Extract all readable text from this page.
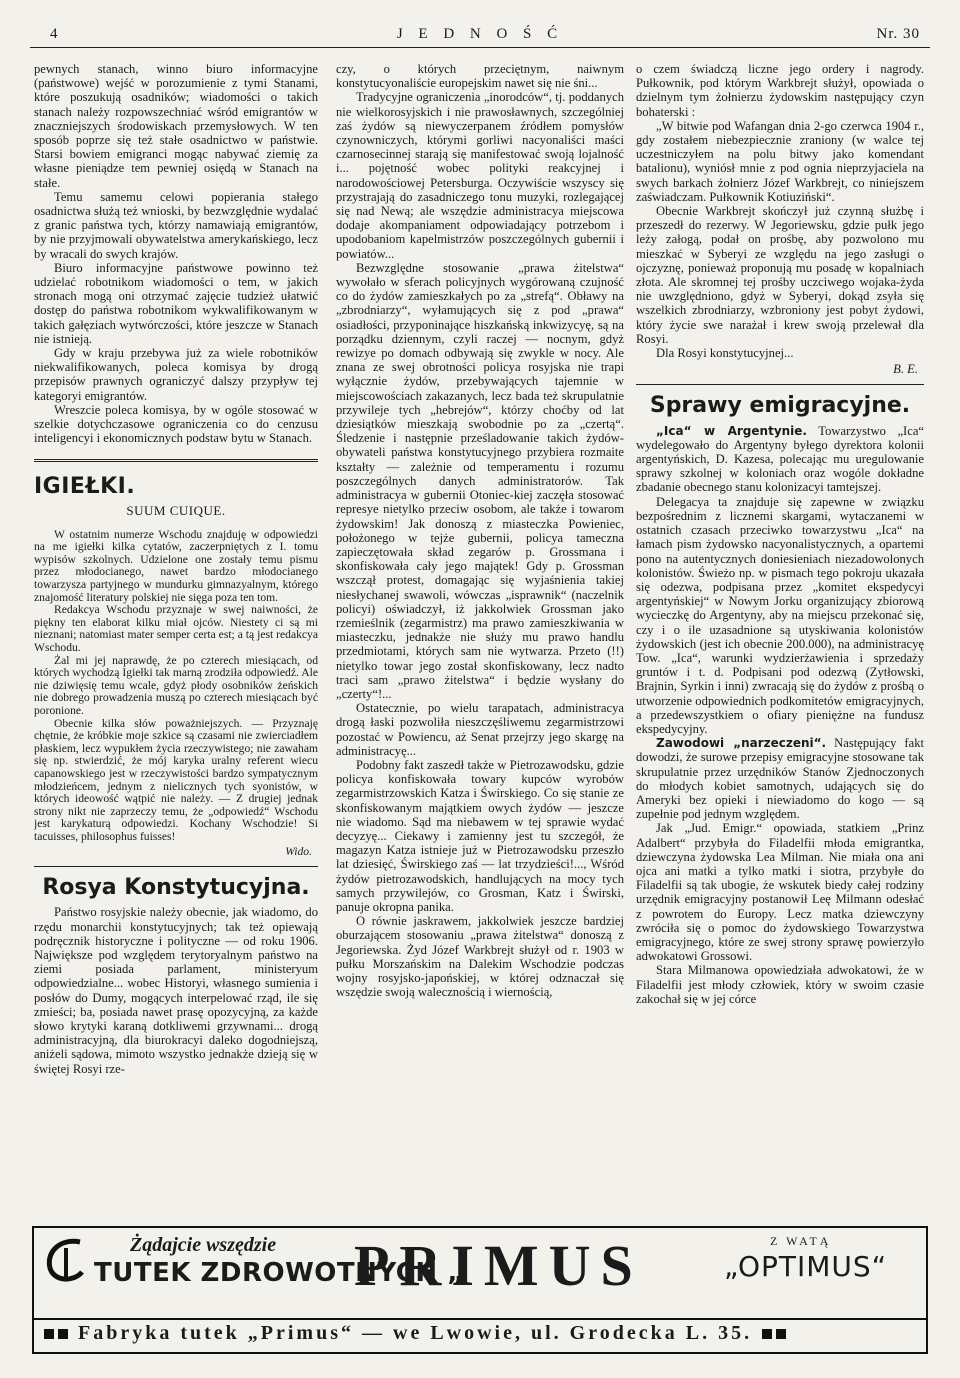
4	J E D N O Ś Ć	Nr. 30

pewnych stanach, winno biuro informacyjne (państwowe) wejść w porozumienie z tymi Stanami, które poszukują osadników; wiadomości o takich stanach należy rozpowszechniać wśród emigrantów w znaczniejszych środowiskach przemysłowych. W ten sposób poprze się też stałe osadnictwo w państwie. Starsi bowiem emigranci mogąc nabywać ziemię za własne pieniądze tem pewniej osiędą w Stanach na stałe.

Temu samemu celowi popierania stałego osadnictwa służą też wnioski, by bezwzględnie wydalać z granic państwa tych, którzy namawiają emigrantów, by nie przyjmowali obywatelstwa amerykańskiego, lecz by wracali do swych krajów.

Biuro informacyjne państwowe powinno też udzielać robotnikom wiadomości o tem, w jakich stronach mogą oni otrzymać zajęcie tudzież ułatwić dostęp do państwa robotnikom wykwalifikowanym w takich gałęziach wytwórczości, które jeszcze w Stanach nie istnieją.

Gdy w kraju przebywa już za wiele robotników niekwalifikowanych, poleca komisya by drogą przepisów prawnych ograniczyć dalszy przypływ tej kategoryi emigrantów.

Wreszcie poleca komisya, by w ogóle stosować w szelkie dotychczasowe ograniczenia co do cenzusu inteligencyi i ekonomicznych podstaw bytu w Stanach.

IGIEŁKI.
SUUM CUIQUE.

W ostatnim numerze Wschodu znajduję w odpowiedzi na me igiełki kilka cytatów, zaczerpniętych z I. tomu wypisów szkolnych. Udzielone one zostały temu pismu przez młodocianego, nawet bardzo młodocianego towarzysza partyjnego w mundurku gimnazyalnym, którego znajomość literatury polskiej nie sięga poza ten tom.

Redakcya Wschodu przyznaje w swej naiwności, że piękny ten elaborat kilku miał ojców. Niestety ci są mi nieznani; natomiast mater semper certa est; a tą jest redakcya Wschodu.

Żal mi jej naprawdę, że po czterech miesiącach, od których wychodzą Igiełki tak marną zrodziła odpowiedź. Ale nie dziwięsię temu wcale, gdyż płody osobników żeńskich nie dobrego prowadzenia muszą po czterech miesiącach być poronione.

Obecnie kilka słów poważniejszych. — Przyznaję chętnie, że króbkie moje szkice są czasami nie zwierciadłem płaskiem, lecz wypukłem życia rzeczywistego; nie zawaham się np. stwierdzić, że mój karyka uralny referent wiecu capanowskiego jest w rzeczywistości bardzo sympatycznym młodzieńcem, jednym z nielicznych tych syonistów, w których ideowość wątpić nie należy. — Z drugiej jednak strony nikt nie zaprzeczy temu, że „odpowiedź“ Wschodu jest karykaturą odpowiedzi. Kochany Wschodzie! Si tacuisses, philosophus fuisses!

Wido.
Rosya Konstytucyjna.

Państwo rosyjskie należy obecnie, jak wiadomo, do rzędu monarchii konstytucyjnych; tak też opiewają podręcznik historyczne i polityczne — od roku 1906. Największe pod względem terytoryalnym państwo na ziemi posiada parlament, ministeryum odpowiedzialne... wobec Historyi, własnego sumienia i posłów do Dumy, mogących interpelować rząd, ile się zmieści; ba, posiada nawet prasę opozycyjną, za każde słowo krytyki karaną dotkliwemi grzywnami... drogą administracyjną, dla biurokracyi daleko dogodniejszą, aniżeli sądowa, mimoto wszystko jednakże dzieją się w świętej Rosyi rze-

czy, o których przeciętnym, naiwnym konstytucyonaliście europejskim nawet się nie śni...

Tradycyjne ograniczenia „inorodców“, tj. poddanych nie wielkorosyjskich i nie prawosławnych, szczególniej zaś żydów są niewyczerpanem źródłem pomysłów czynowniczych, którymi gorliwi nacyonaliści maści czarnosecinnej starają się manifestować swoją lojalność i... pojętność wobec polityki reakcyjnej i narodowościowej Petersburga. Oczywiście wszyscy się przystrajają do zasadniczego tonu muzyki, rozlegającej się nad Newą; ale wszędzie administracya miejscowa dodaje akompaniament odpowiadający potrzebom i upodobaniom kapelmistrzów poszczególnych gubernii i powiatów...

Bezwzględne stosowanie „prawa żitelstwa“ wywołało w sferach policyjnych wygórowaną czujność co do żydów zamieszkałych po za „strefą“. Obławy na „zbrodniarzy“, wyłamujących się z pod „prawa“ osiadłości, przyponinające hiszkańską inkwizycyę, są na porządku dziennym, czyli raczej — nocnym, gdyż rewizye po domach odbywają się zwykle w nocy. Ale znana ze swej obrotności policya rosyjska nie trapi wyłącznie żydów, przebywających tajemnie w miejscowościach zakazanych, lecz bada też skrupulatnie przywileje tych „hebrejów“, którzy choćby od lat dziesiątków mieszkają swobodnie po za „czertą“. Śledzenie i następnie prześladowanie takich żydów-obywateli państwa konstytucyjnego przybiera rozmaite kształty — zależnie od temperamentu i rozumu poszczególnych danych administratorów. Tak administracya w gubernii Otoniec-kiej zaczęła stosować represye nietylko przeciw osobom, ale także i towarom żydowskim! Jak donoszą z miasteczka Powieniec, położonego w tejże gubernii, policya tameczna zapieczętowała skład zegarów p. Grossmana i skonfiskowała cały jego majątek! Gdy p. Grossman wszczął protest, domagając się wyjaśnienia takiej niesłychanej swawoli, wówczas „isprawnik“ (naczelnik policyi) oświadczył, iż jakkolwiek Grossman jako rzemieślnik (zegarmistrz) ma prawo zamieszkiwania w miasteczku, jednakże nie służy mu prawo handlu przedmiotami, których sam nie wytwarza. Przeto (!!) nietylko towar jego został skonfiskowany, lecz nadto traci sam „prawo żitelstwa“ i będzie wysłany do „czerty“!...

Ostatecznie, po wielu tarapatach, administracya drogą łaski pozwoliła nieszczęśliwemu zegarmistrzowi pozostać w Powiencu, aż Senat przejrzy jego skargę na administracyę...

Podobny fakt zaszedł także w Pietrozawodsku, gdzie policya konfiskowała towary kupców wyrobów zegarmistrzowskich Katza i Świrskiego. Co się stanie ze skonfiskowanym majątkiem owych żydów — jeszcze nie wiadomo. Sąd ma niebawem w tej sprawie wydać decyzyę... Ciekawy i zamienny jest tu szczegół, że magazyn Katza istnieje już w Pietrozawodsku przeszło lat dziesięć, Świrskiego zaś — lat trzydzieści!..., Wśród żydów pietrozawodskich, handlujących na mocy tych samych przywilejów, co Grosman, Katz i Świrski, panuje okropna panika.

O równie jaskrawem, jakkolwiek jeszcze bardziej oburzającem stosowaniu „prawa żitelstwa“ donoszą z Jegoriewska. Żyd Józef Warkbrejt służył od r. 1903 w pułku Morszańskim na Dalekim Wschodzie podczas wojny rosyjsko-japońskiej, w której odznaczał się wszędzie swoją walecznością i wiernością,

o czem świadczą liczne jego ordery i nagrody. Pułkownik, pod którym Warkbrejt służył, opowiada o dzielnym tym żołnierzu żydowskim następujący czyn bohaterski :

„W bitwie pod Wafangan dnia 2-go czerwca 1904 r., gdy zostałem niebezpiecznie zraniony (w walce tej uczestniczyłem na polu bitwy jako komendant batalionu), wyniósł mnie z pod ognia nieprzyjaciela na swych barkach żołnierz Józef Warkbrejt, co niniejszem zaświadczam. Pułkownik Kotiuziński“.

Obecnie Warkbrejt skończył już czynną służbę i przeszedł do rezerwy. W Jegoriewsku, gdzie pułk jego leży załogą, podał on prośbę, aby pozwolono mu mieszkać w Syberyi ze względu na jego zasługi o ojczyznę, ponieważ proponują mu posadę w kopalniach złota. Ale skromnej tej prośby uczciwego wojaka-żyda nie uwzględniono, gdyż w Syberyi, dokąd zsyła się wszelkich zbrodniarzy, wzbroniony jest pobyt żydowi, który życie swe narażał i krew swoją przelewał dla Rosyi.

Dla Rosyi konstytucyjnej...

B. E.
Sprawy emigracyjne.

„Ica“ w Argentynie. Towarzystwo „Ica“ wydelegowało do Argentyny byłego dyrektora kolonii argentyńskich, D. Kazesa, polecając mu uregulowanie sprawy szkolnej w koloniach oraz wogóle dokładne zbadanie obecnego stanu kolonizacyi tamtejszej.

Delegacya ta znajduje się zapewne w związku bezpośrednim z licznemi skargami, wytaczanemi w ostatnich czasach przeciwko towarzystwu „Ica“ na łamach pism żydowsko nacyonalistycznych, a opartemi pono na autentycznych doniesieniach niezadowolonych kolonistów. Świeżo np. w pismach tego pokroju ukazała się odezwa, podpisana przez „komitet ekspedycyi argentyńskiej“ w Nowym Jorku organizujący zbiorową wycieczkę do Argentyny, aby na miejscu przekonać się, czy i o ile uzasadnione są utyskiwania kolonistów żydowskich (jest ich obecnie 200.000), na administracyę Tow. „Ica“, warunki wydzierżawienia i sprzedaży gruntów i t. d. Podpisani pod odezwą (Zytłowski, Brajnin, Syrkin i inni) zwracają się do żydów z prośbą o utworzenie odpowiednich podkomitetów emigracyjnych, a przedewszystkiem o ofiary pieniężne na fundusz ekspedycyjny.

Zawodowi „narzeczeni“. Następujący fakt dowodzi, że surowe przepisy emigracyjne stosowane tak skrupulatnie przez urzędników Stanów Zjednoczonych do młodych kobiet samotnych, udających się do Ameryki bez opieki i niewiadomo do kogo — są zupełnie pod jednym względem.

Jak „Jud. Emigr.“ opowiada, statkiem „Prinz Adalbert“ przybyła do Filadelfii młoda emigrantka, dziewczyna żydowska Lea Milman. Nie miała ona ani ojca ani matki a tylko matki i siotra, przybyłe do Filadelfii są tak ubogie, że wskutek biedy całej rodziny urzędnik emigracyjny postanowił Leę Milmann odesłać z powrotem do Europy. Lecz matka dziewczyny zwróciła się o pomoc do żydowskiego Towarzystwa emigracyjnego, które ze swej strony sprawę powierzyło adwokatowi Grossowi.

Stara Milmanowa opowiedziała adwokatowi, że w Filadelfii jest młody człowiek, który w swoim czasie zakochał się w jej córce

Żądajcie wszędzie
TUTEK ZDROWOTNYCH „
PRIMUS	Z WATĄ
„OPTIMUS“
Fabryka tutek „Primus“ — we Lwowie, ul. Grodecka L. 35.
